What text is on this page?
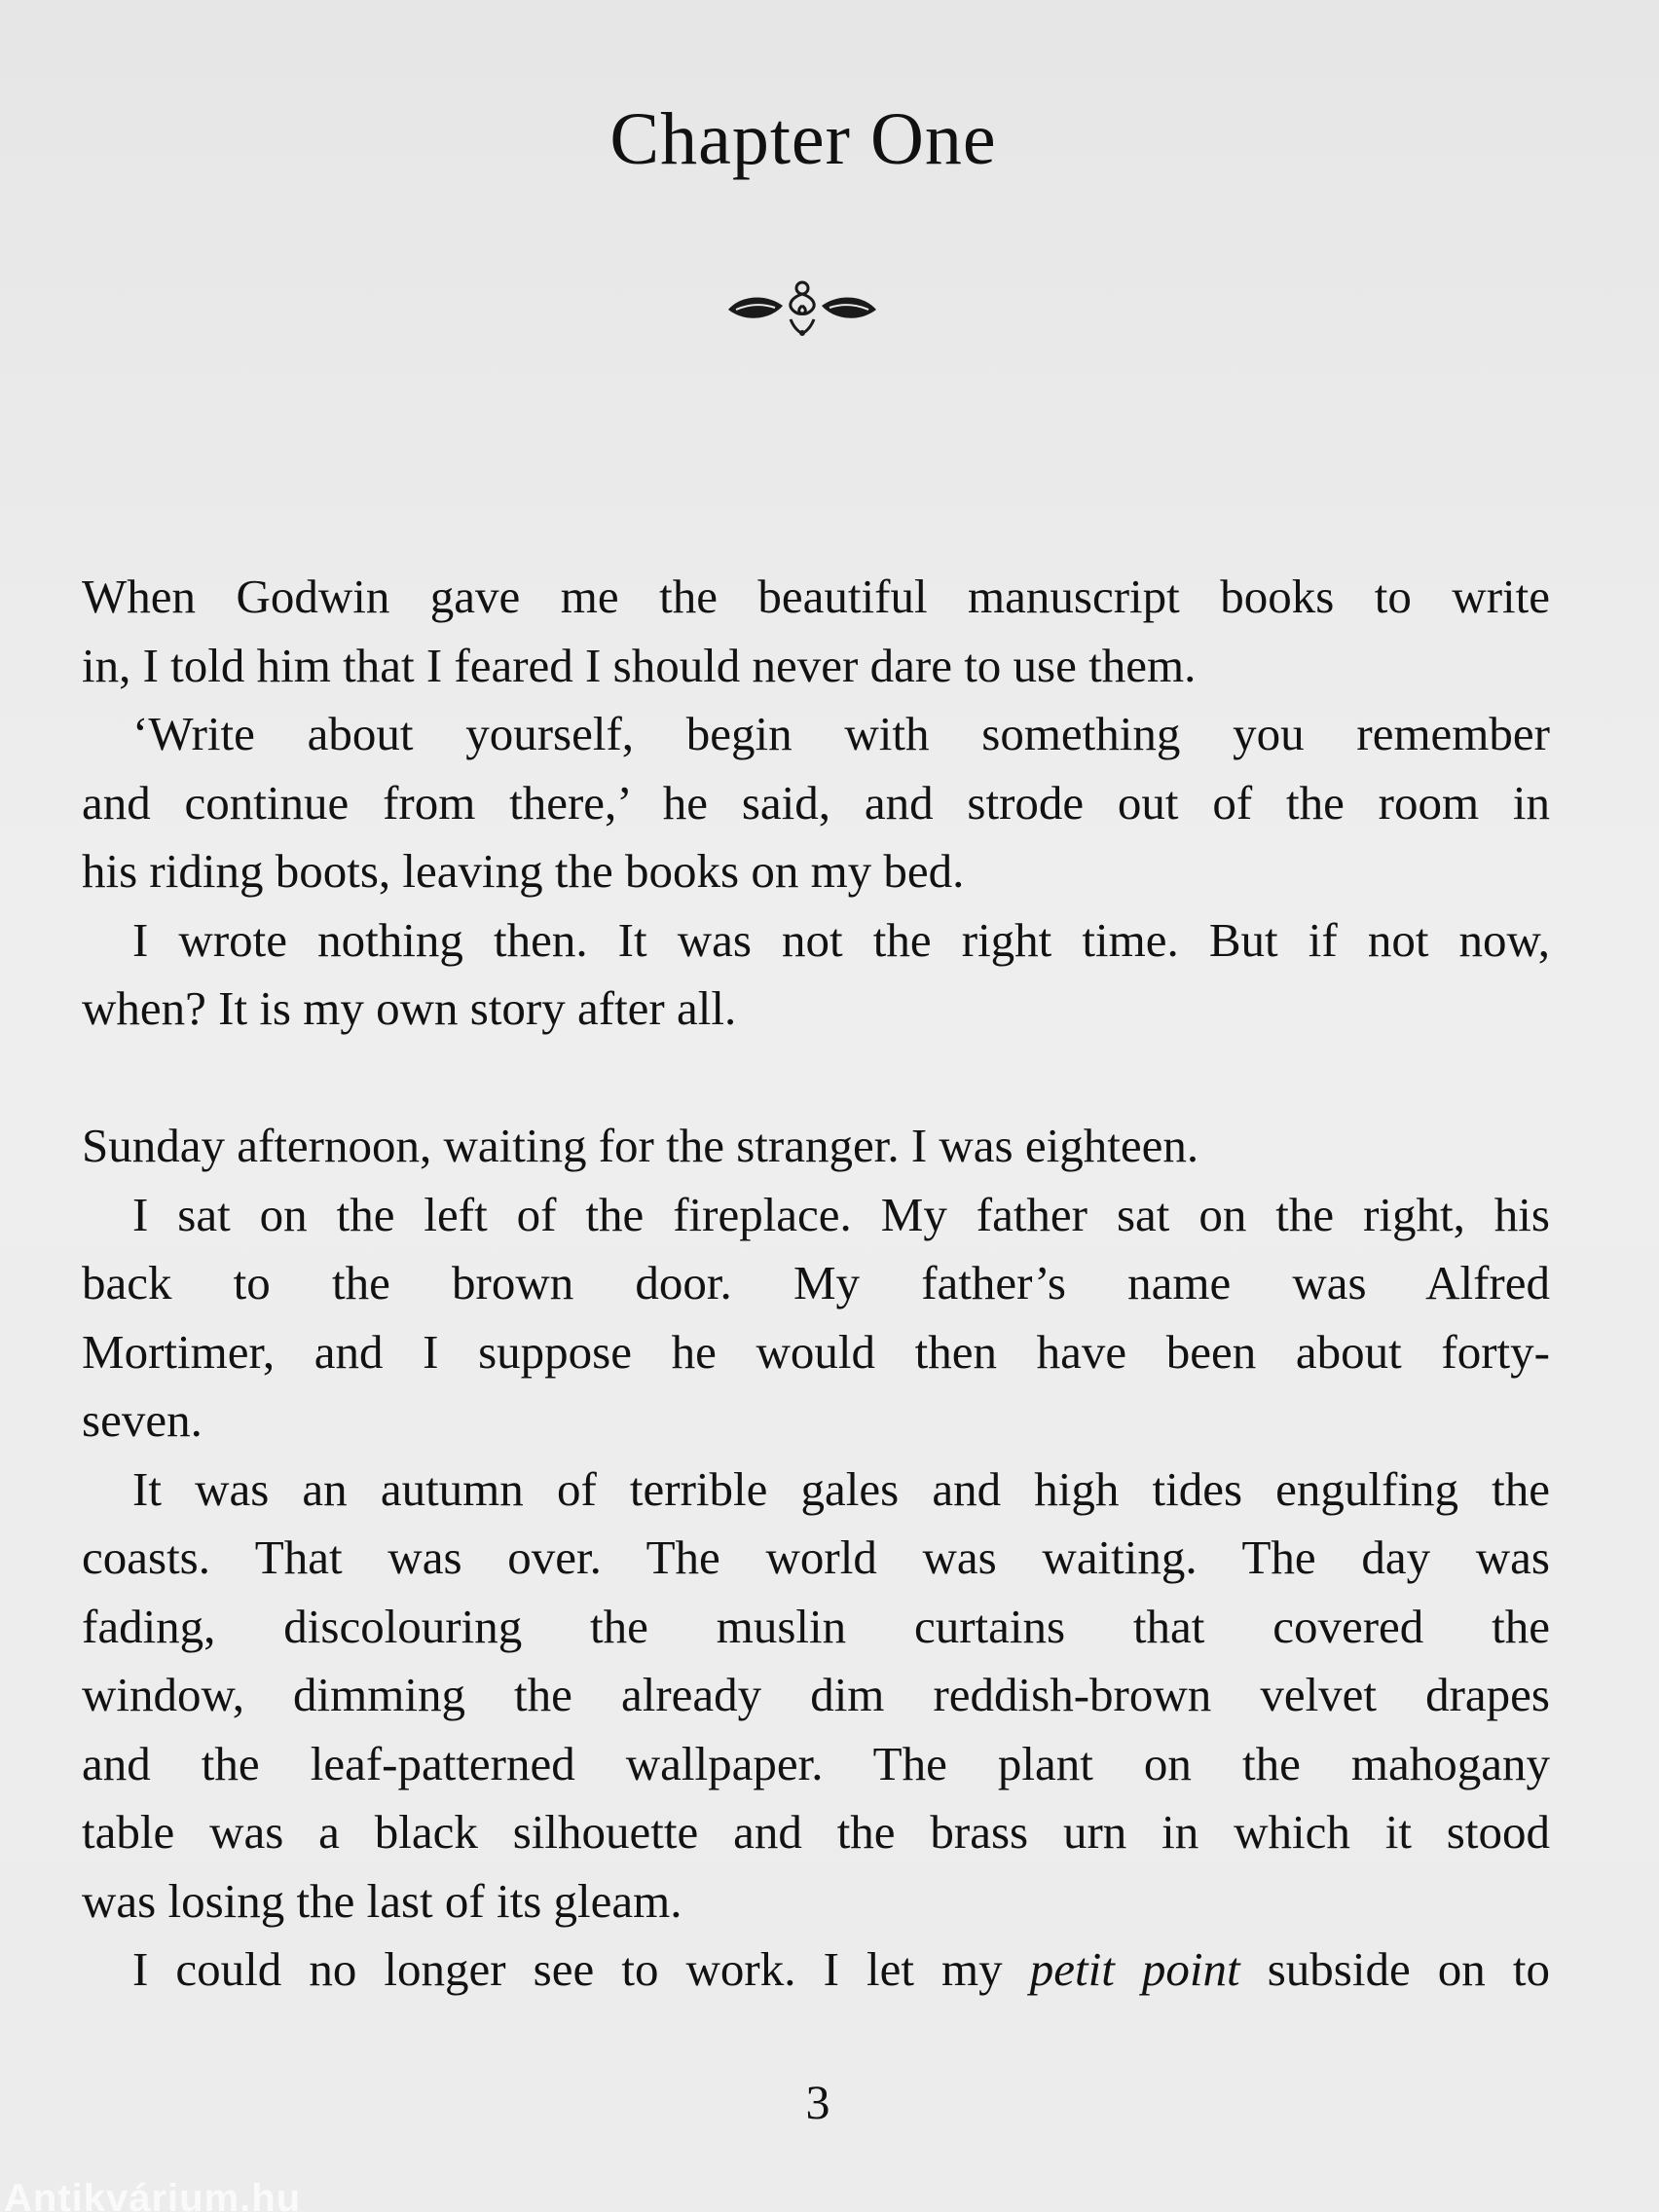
Chapter One
When Godwin gave me the beautiful manuscript books to write
in, I told him that I feared I should never dare to use them.
‘Write about yourself, begin with something you remember
and continue from there,’ he said, and strode out of the room in
his riding boots, leaving the books on my bed.
I wrote nothing then. It was not the right time. But if not now,
when? It is my own story after all.
Sunday afternoon, waiting for the stranger. I was eighteen.
I sat on the left of the fireplace. My father sat on the right, his
back to the brown door. My father’s name was Alfred
Mortimer, and I suppose he would then have been about forty-
seven.
It was an autumn of terrible gales and high tides engulfing the
coasts. That was over. The world was waiting. The day was
fading, discolouring the muslin curtains that covered the
window, dimming the already dim reddish-brown velvet drapes
and the leaf-patterned wallpaper. The plant on the mahogany
table was a black silhouette and the brass urn in which it stood
was losing the last of its gleam.
I could no longer see to work. I let my petit point subside on to
3
Antikvárium.hu
